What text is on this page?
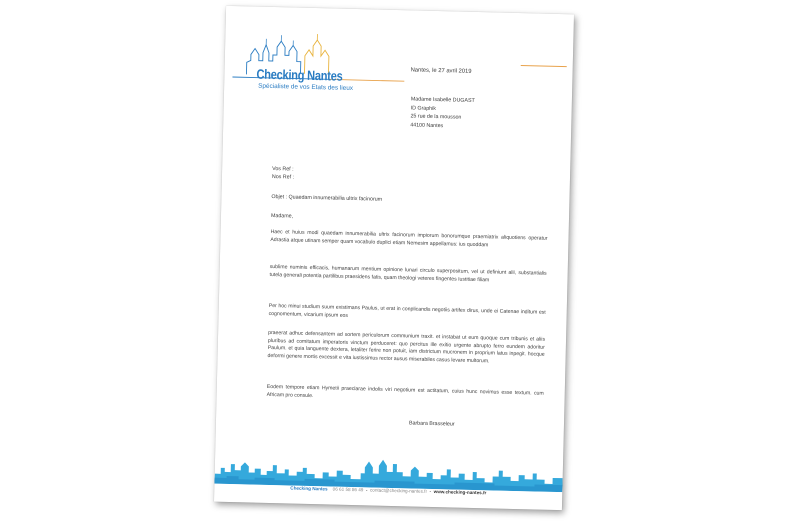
Checking Nantes
Spécialiste de vos Etats des lieux
Nantes, le 27 avril 2019
Madame Isabelle DUGAST
ID Graphik
25 rue de la mousson
44100 Nantes
Vos Ref :
Nos Ref :
Objet : Quaedam innumerabilia ultrix facinorum
Madame,
Haec et huius modi quaedam innumerabilia ultrix facinorum impiorum bonorumque praemiatrix aliquotiens operatur Adrastia atque utinam semper quam vocabulo duplici etiam Nemesim appellamus: ius quoddam
sublime numinis efficacis, humanarum mentium opinione lunari circulo superpositum, vel ut definiunt alii, substantialis tutela generali potentia partilibus praesidens fatis, quam theologi veteres fingentes Iustitiae filiam
Per hoc minui studium suum existimans Paulus, ut erat in conplicandis negotiis artifex dirus, unde ei Catenae inditum est cognomentum, vicarium ipsum eos
praeerat adhuc defensantem ad sortem periculorum communium traxit. et instabat ut eum quoque cum tribunis et aliis pluribus ad comitatum imperatoris vinctum perduceret: quo percitus ille exitio urgente abrupto ferro eundem adoritur Paulum. et quia languente dextera, letaliter ferire non potuit, iam districtum mucronem in proprium latus inpegit. hocque deformi genere mortis excessit e vita iustissimus rector ausus miserabiles casus levare multorum.
Eodem tempore etiam Hymetii praeclarae indolis viri negotium est actitatum, cuius hunc novimus esse textum. cum Africam pro consule.
Barbara Brasseleur
Checking Nantes 06 61 58 86 49  -  contact@checking-nantes.fr  -  www.checking-nantes.fr
